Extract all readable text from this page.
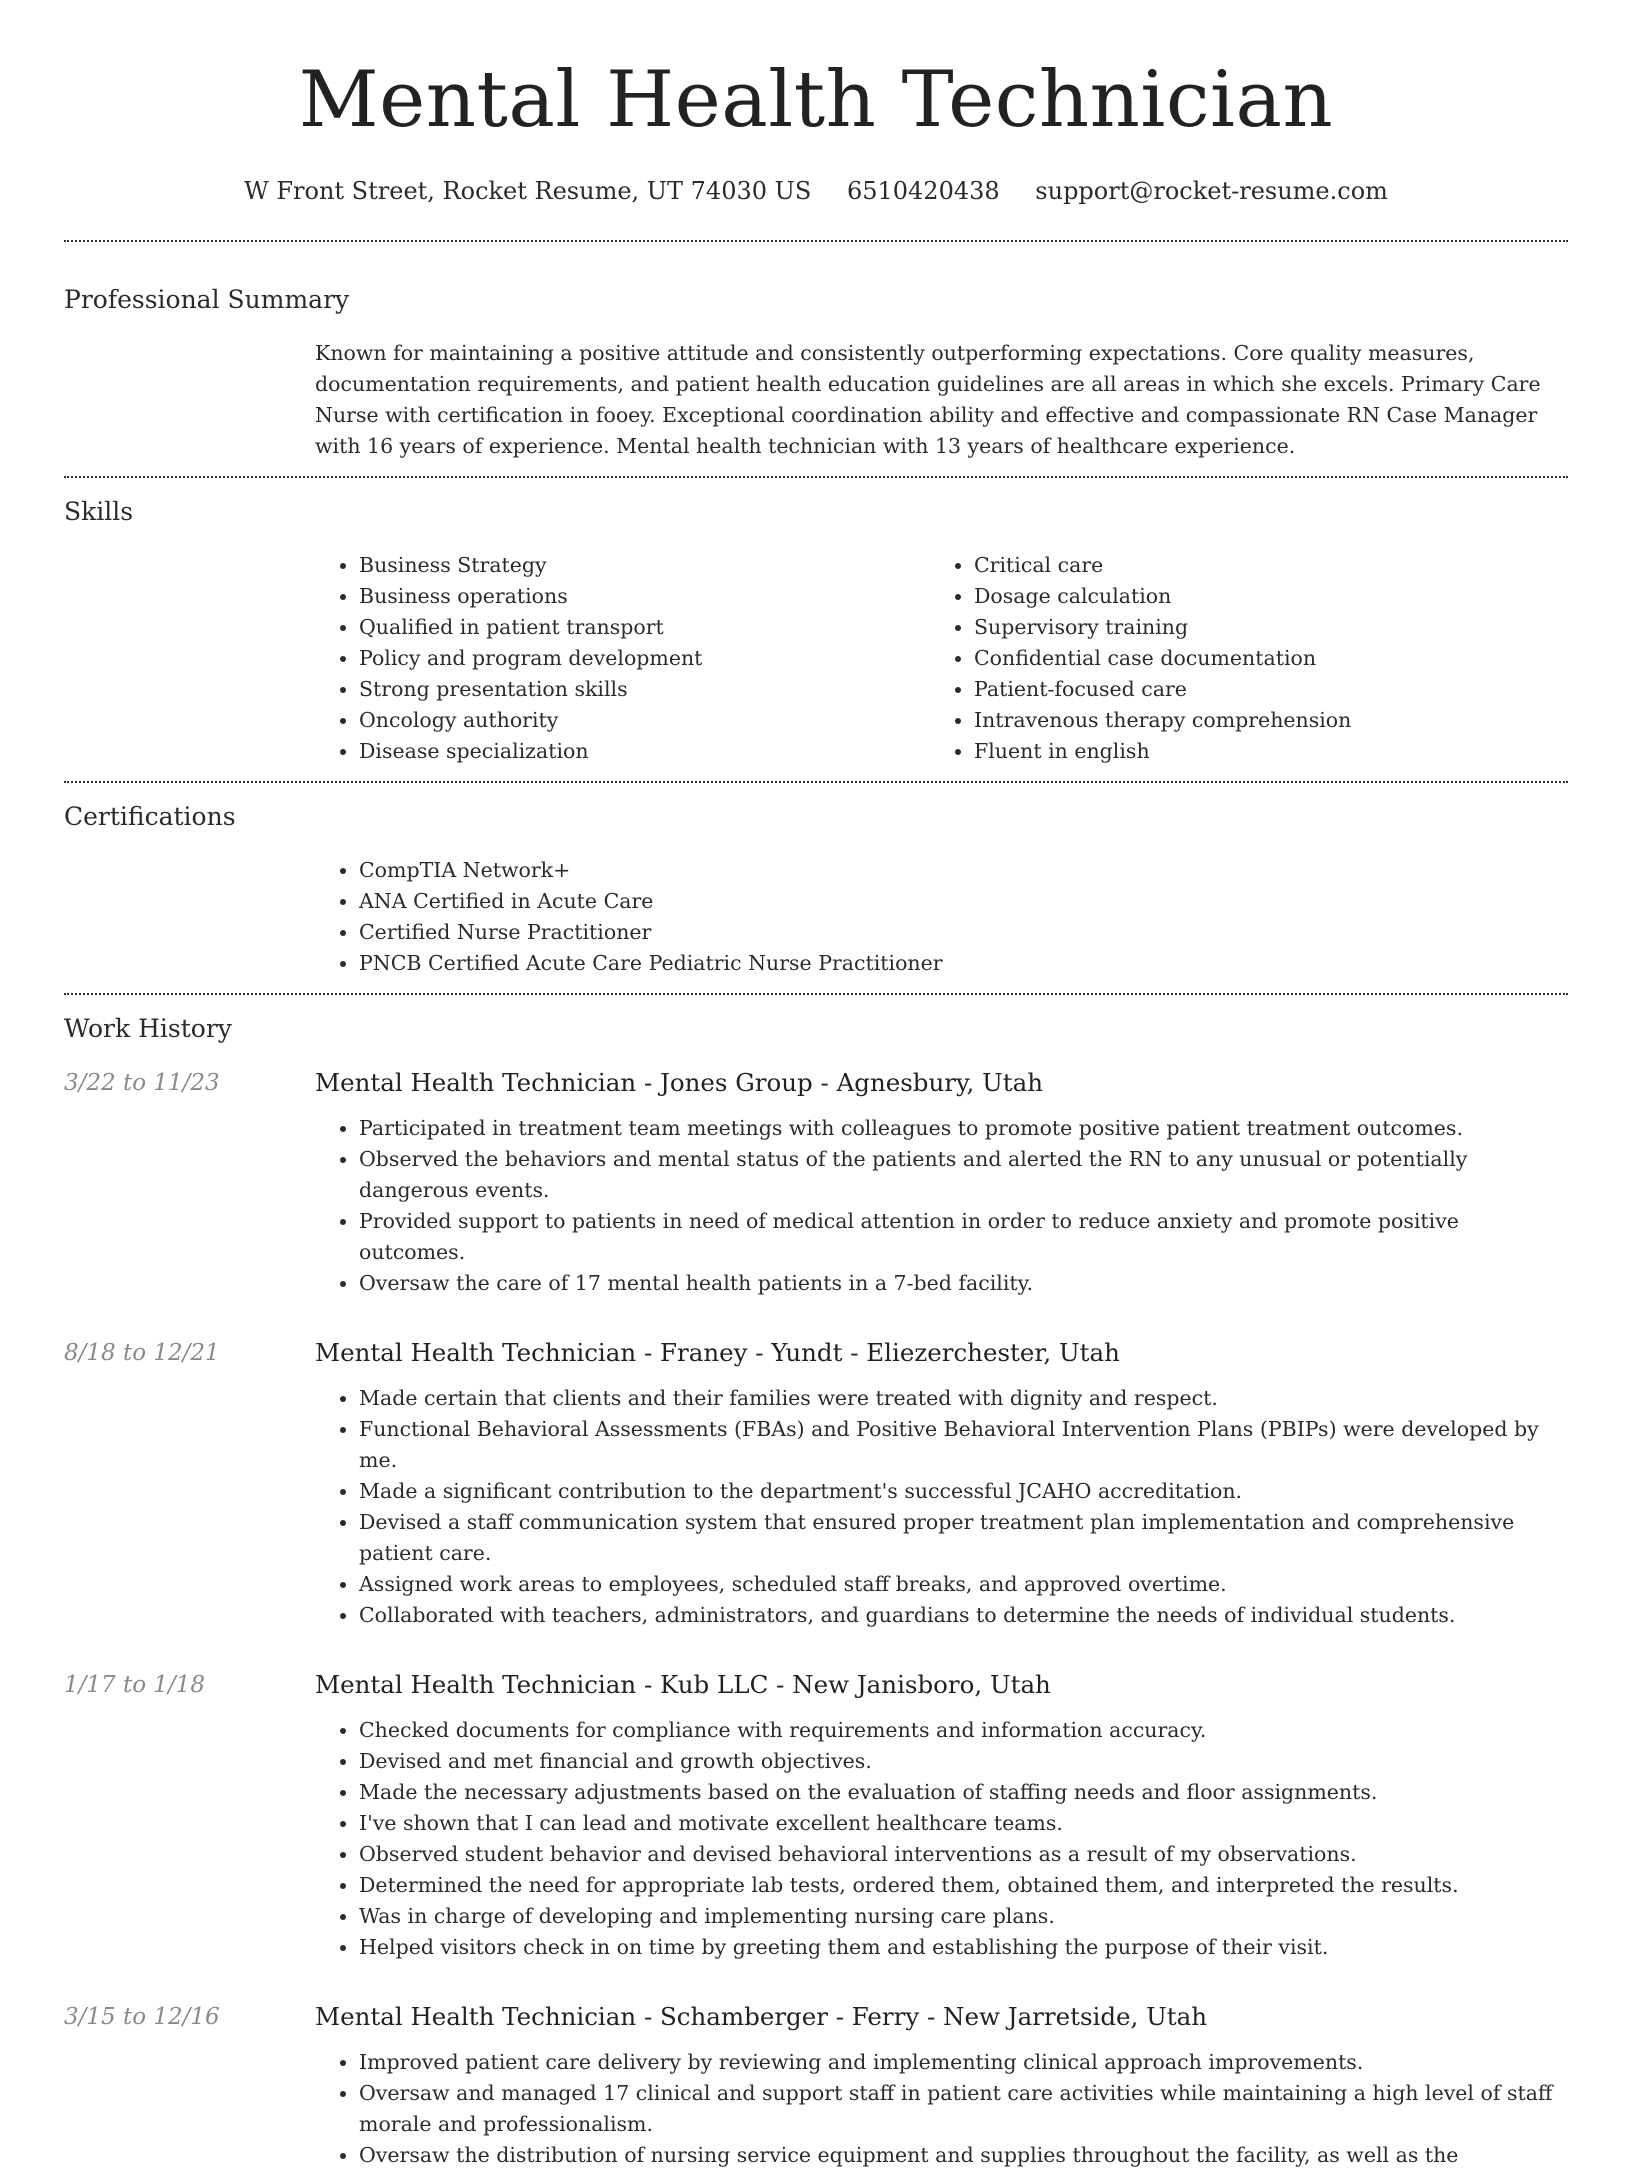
Mental Health Technician
W Front Street, Rocket Resume, UT 74030 US 6510420438 support@rocket-resume.com
Professional Summary
Known for maintaining a positive attitude and consistently outperforming expectations. Core quality measures, documentation requirements, and patient health education guidelines are all areas in which she excels. Primary Care Nurse with certification in fooey. Exceptional coordination ability and effective and compassionate RN Case Manager with 16 years of experience. Mental health technician with 13 years of healthcare experience.
Skills
• Business Strategy
• Business operations
• Qualified in patient transport
• Policy and program development
• Strong presentation skills
• Oncology authority
• Disease specialization
• Critical care
• Dosage calculation
• Supervisory training
• Confidential case documentation
• Patient-focused care
• Intravenous therapy comprehension
• Fluent in english
Certifications
• CompTIA Network+
• ANA Certified in Acute Care
• Certified Nurse Practitioner
• PNCB Certified Acute Care Pediatric Nurse Practitioner
Work History
3/22 to 11/23	Mental Health Technician - Jones Group - Agnesbury, Utah
• Participated in treatment team meetings with colleagues to promote positive patient treatment outcomes.
• Observed the behaviors and mental status of the patients and alerted the RN to any unusual or potentially dangerous events.
• Provided support to patients in need of medical attention in order to reduce anxiety and promote positive outcomes.
• Oversaw the care of 17 mental health patients in a 7-bed facility.
8/18 to 12/21	Mental Health Technician - Franey - Yundt - Eliezerchester, Utah
• Made certain that clients and their families were treated with dignity and respect.
• Functional Behavioral Assessments (FBAs) and Positive Behavioral Intervention Plans (PBIPs) were developed by me.
• Made a significant contribution to the department's successful JCAHO accreditation.
• Devised a staff communication system that ensured proper treatment plan implementation and comprehensive patient care.
• Assigned work areas to employees, scheduled staff breaks, and approved overtime.
• Collaborated with teachers, administrators, and guardians to determine the needs of individual students.
1/17 to 1/18	Mental Health Technician - Kub LLC - New Janisboro, Utah
• Checked documents for compliance with requirements and information accuracy.
• Devised and met financial and growth objectives.
• Made the necessary adjustments based on the evaluation of staffing needs and floor assignments.
• I've shown that I can lead and motivate excellent healthcare teams.
• Observed student behavior and devised behavioral interventions as a result of my observations.
• Determined the need for appropriate lab tests, ordered them, obtained them, and interpreted the results.
• Was in charge of developing and implementing nursing care plans.
• Helped visitors check in on time by greeting them and establishing the purpose of their visit.
3/15 to 12/16	Mental Health Technician - Schamberger - Ferry - New Jarretside, Utah
• Improved patient care delivery by reviewing and implementing clinical approach improvements.
• Oversaw and managed 17 clinical and support staff in patient care activities while maintaining a high level of staff morale and professionalism.
• Oversaw the distribution of nursing service equipment and supplies throughout the facility, as well as the
